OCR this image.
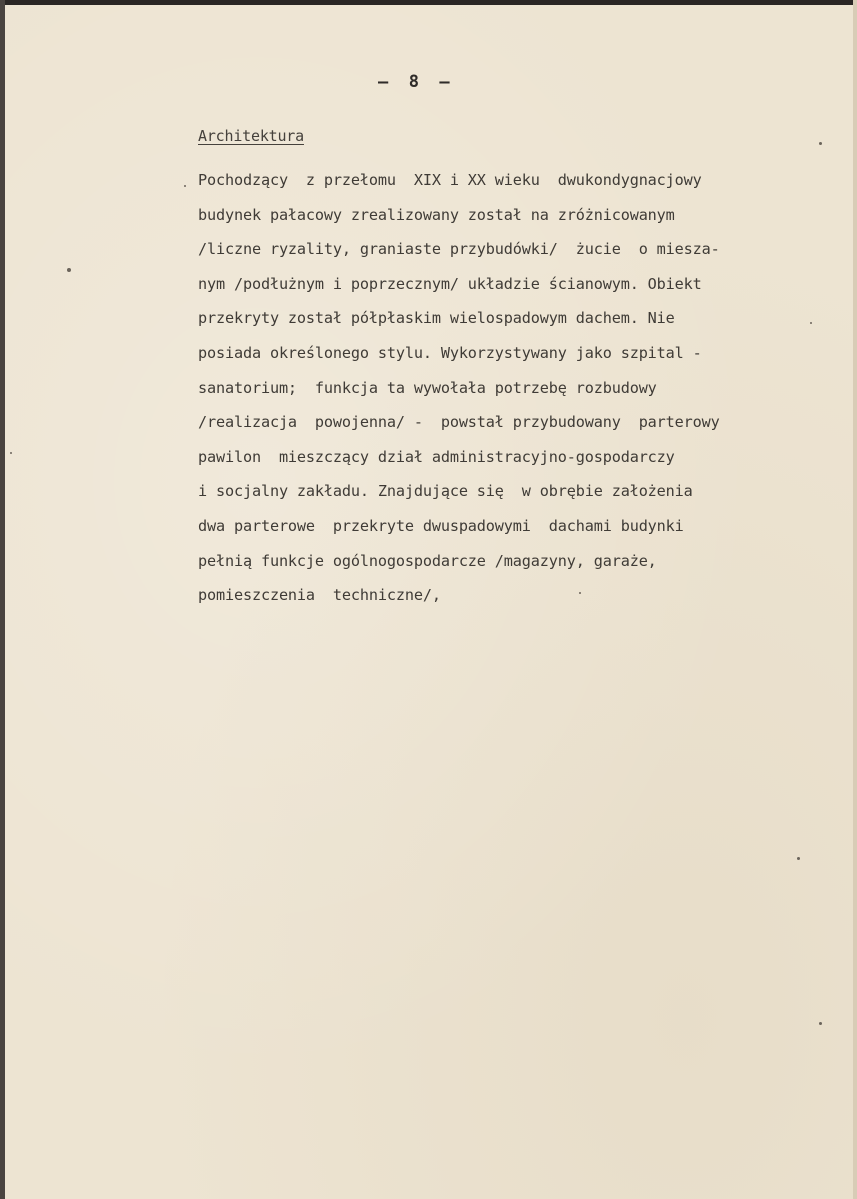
–  8  –
Architektura
Pochodzący  z przełomu  XIX i XX wieku  dwukondygnacjowy
budynek pałacowy zrealizowany został na zróżnicowanym
/liczne ryzality, graniaste przybudówki/  żucie  o miesza-
nym /podłużnym i poprzecznym/ układzie ścianowym. Obiekt
przekryty został półpłaskim wielospadowym dachem. Nie
posiada określonego stylu. Wykorzystywany jako szpital -
sanatorium;  funkcja ta wywołała potrzebę rozbudowy
/realizacja  powojenna/ -  powstał przybudowany  parterowy
pawilon  mieszczący dział administracyjno-gospodarczy
i socjalny zakładu. Znajdujące się  w obrębie założenia
dwa parterowe  przekryte dwuspadowymi  dachami budynki
pełnią funkcje ogólnogospodarcze /magazyny, garaże,
pomieszczenia  techniczne/,
